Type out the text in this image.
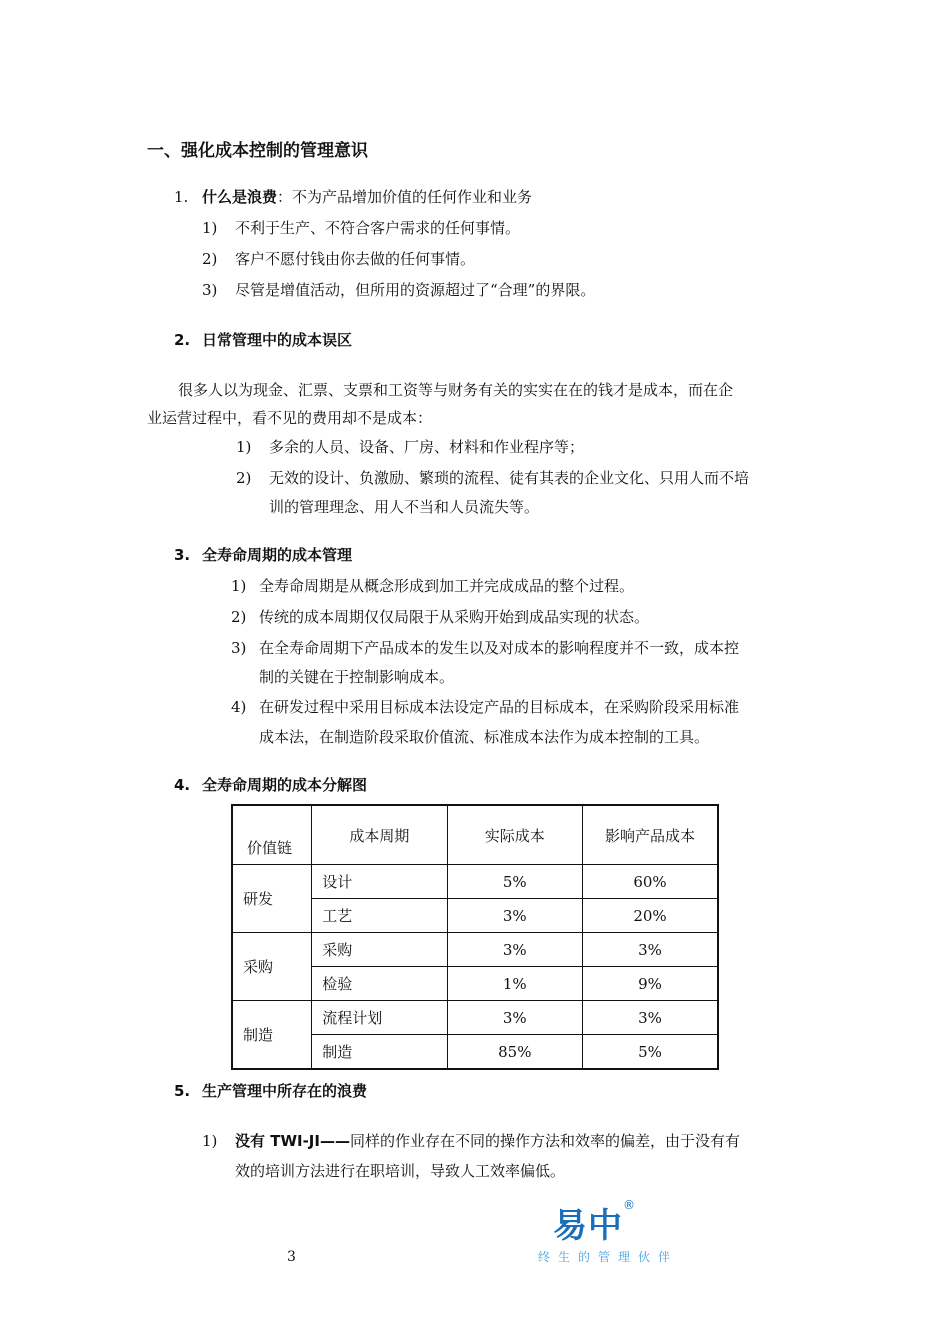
一、强化成本控制的管理意识
1. 什么是浪费：不为产品增加价值的任何作业和业务
1) 不利于生产、不符合客户需求的任何事情。
2) 客户不愿付钱由你去做的任何事情。
3) 尽管是增值活动，但所用的资源超过了“合理”的界限。
2. 日常管理中的成本误区
很多人以为现金、汇票、支票和工资等与财务有关的实实在在的钱才是成本，而在企
业运营过程中，看不见的费用却不是成本：
1) 多余的人员、设备、厂房、材料和作业程序等；
2) 无效的设计、负激励、繁琐的流程、徒有其表的企业文化、只用人而不培
训的管理理念、用人不当和人员流失等。
3. 全寿命周期的成本管理
1) 全寿命周期是从概念形成到加工并完成成品的整个过程。
2) 传统的成本周期仅仅局限于从采购开始到成品实现的状态。
3) 在全寿命周期下产品成本的发生以及对成本的影响程度并不一致，成本控
制的关键在于控制影响成本。
4) 在研发过程中采用目标成本法设定产品的目标成本，在采购阶段采用标准
成本法，在制造阶段采取价值流、标准成本法作为成本控制的工具。
4. 全寿命周期的成本分解图
价值链	成本周期	实际成本	影响产品成本
研发	设计	5%	60%
	工艺	3%	20%
采购	采购	3%	3%
	检验	1%	9%
制造	流程计划	3%	3%
	制造	85%	5%
5. 生产管理中所存在的浪费
1) 没有 TWI-JI——同样的作业存在不同的操作方法和效率的偏差，由于没有有
效的培训方法进行在职培训，导致人工效率偏低。
3
易中®
终生的管理伙伴
